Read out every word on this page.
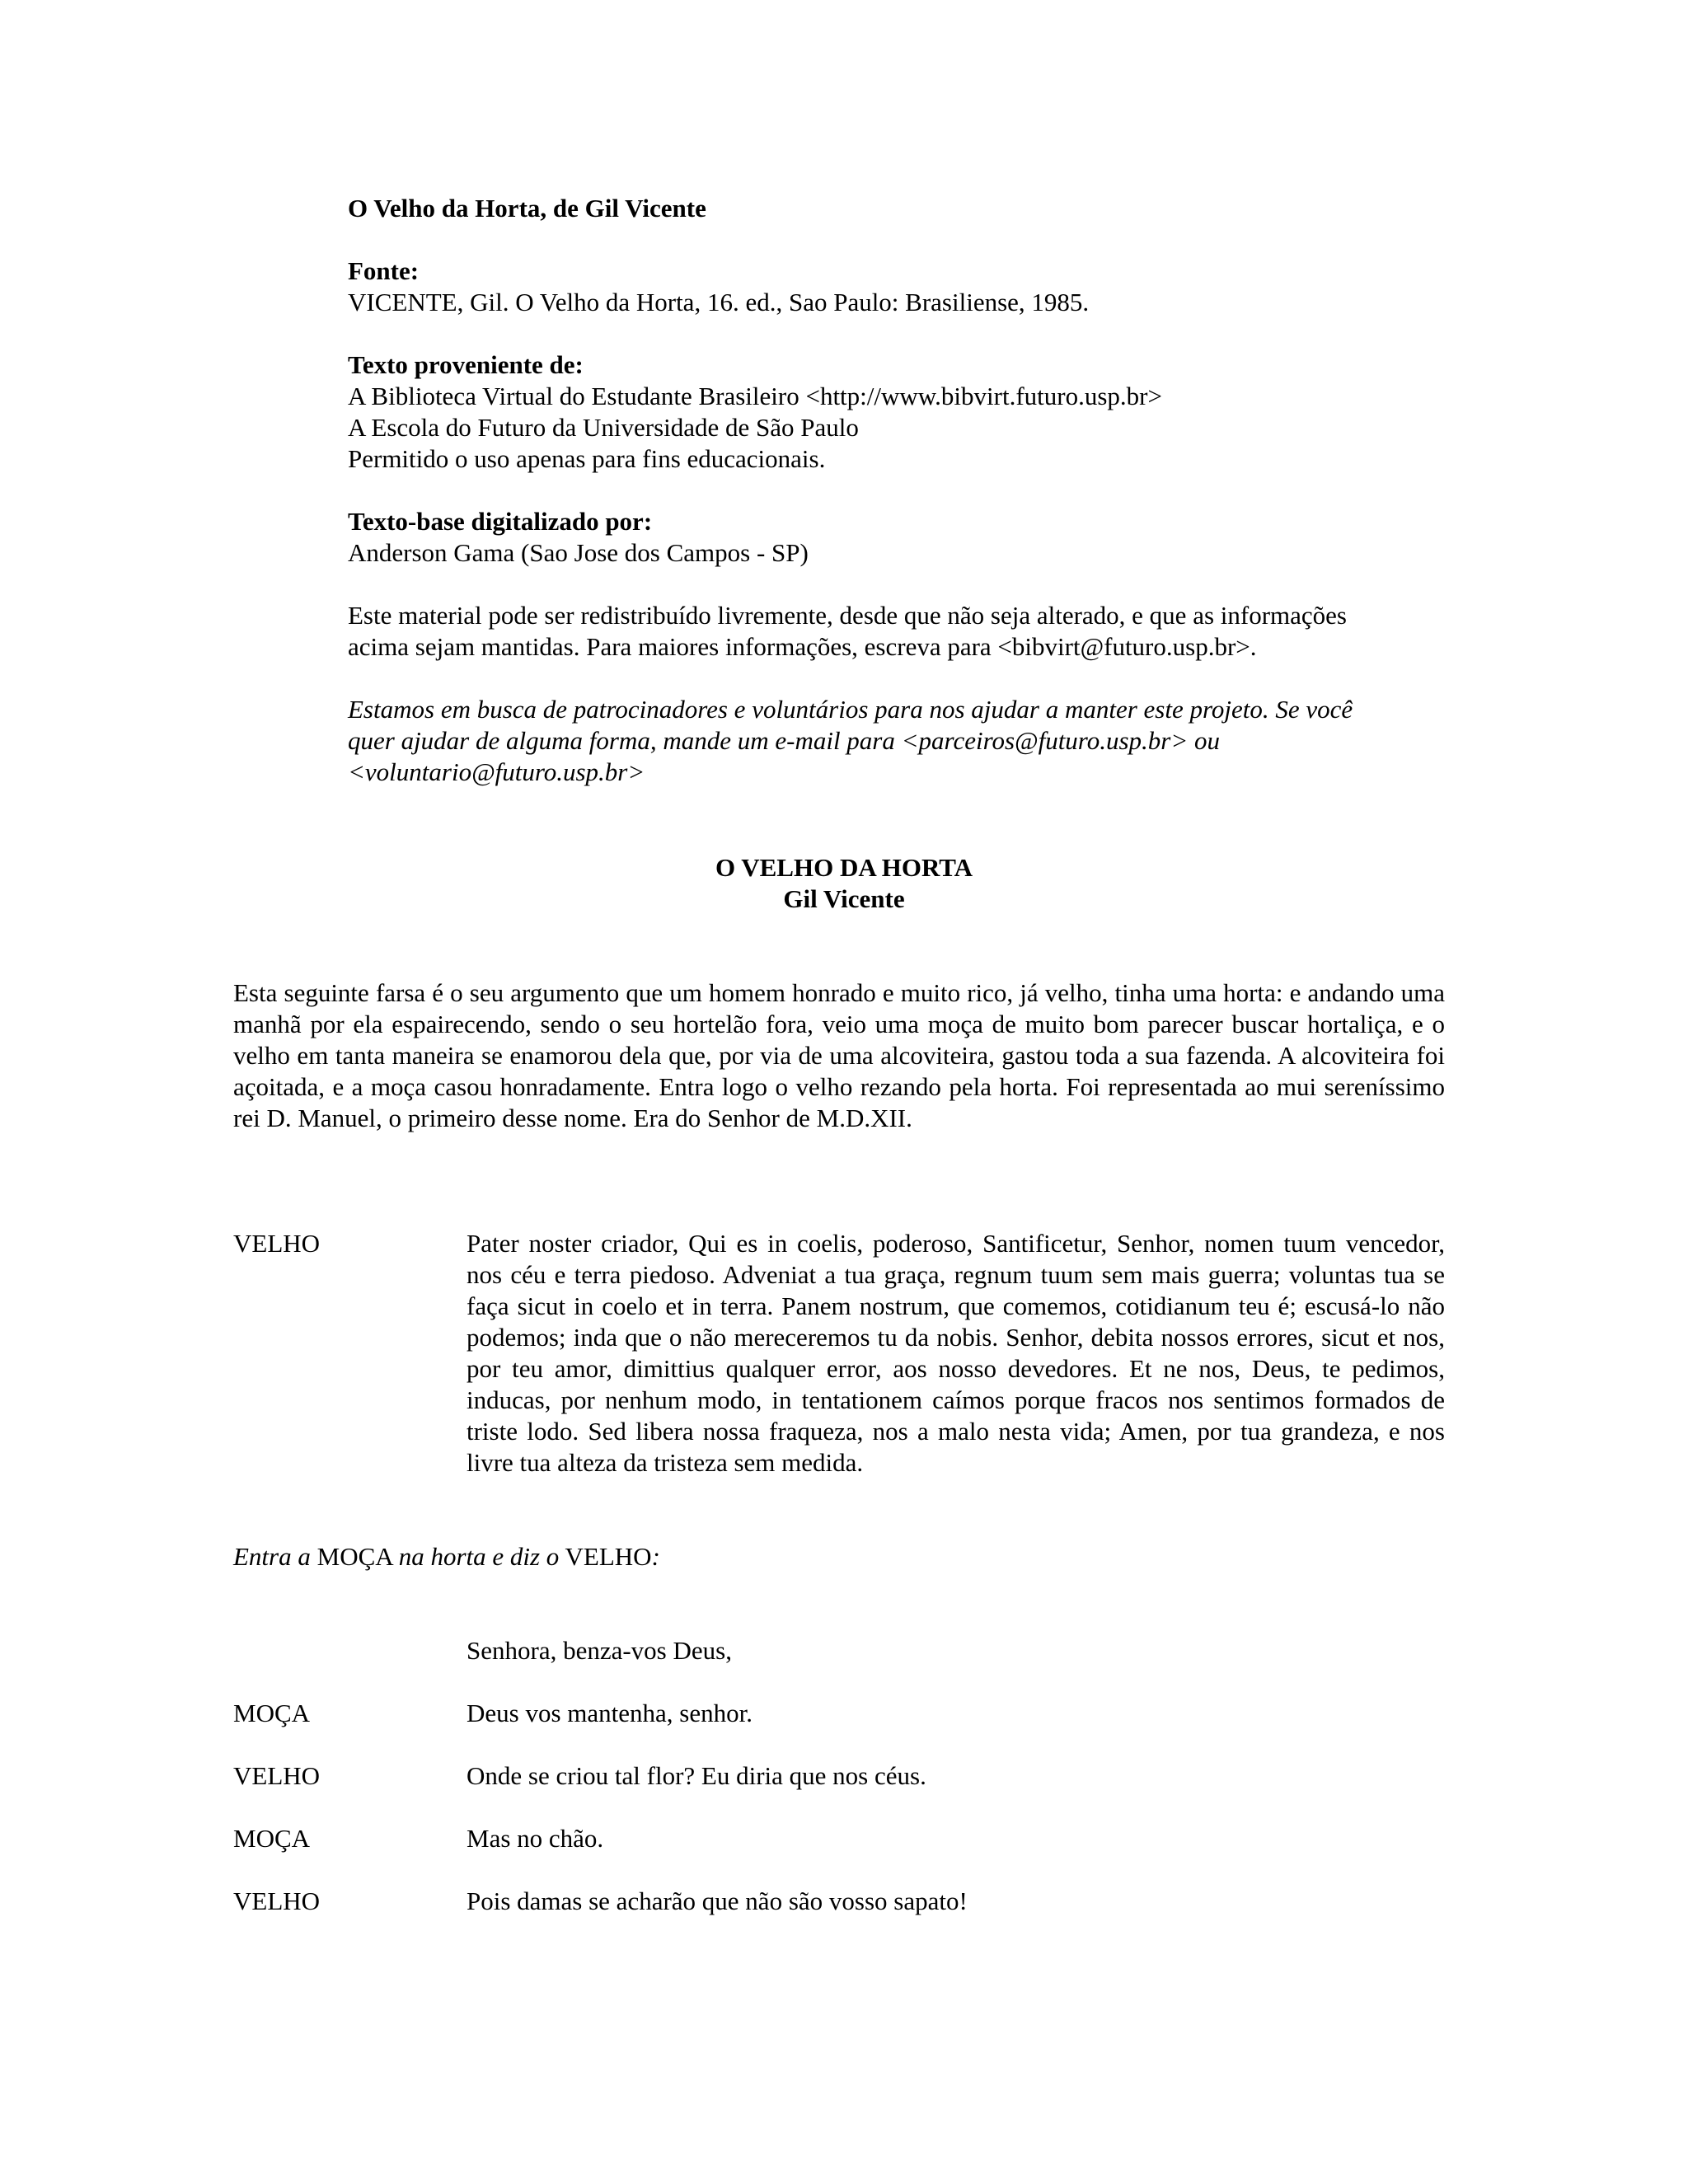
O Velho da Horta, de Gil Vicente
Fonte:
VICENTE, Gil. O Velho da Horta, 16. ed., Sao Paulo: Brasiliense, 1985.
Texto proveniente de:
A Biblioteca Virtual do Estudante Brasileiro <http://www.bibvirt.futuro.usp.br>
A Escola do Futuro da Universidade de São Paulo
Permitido o uso apenas para fins educacionais.
Texto-base digitalizado por:
Anderson Gama (Sao Jose dos Campos - SP)
Este material pode ser redistribuído livremente, desde que não seja alterado, e que as informações
acima sejam mantidas. Para maiores informações, escreva para <bibvirt@futuro.usp.br>.
Estamos em busca de patrocinadores e voluntários para nos ajudar a manter este projeto. Se você
quer ajudar de alguma forma, mande um e-mail para <parceiros@futuro.usp.br> ou
<voluntario@futuro.usp.br>
O VELHO DA HORTA
Gil Vicente
Esta seguinte farsa é o seu argumento que um homem honrado e muito rico, já velho, tinha uma horta: e andando uma manhã por ela espairecendo, sendo o seu hortelão fora, veio uma moça de muito bom parecer buscar hortaliça, e o velho em tanta maneira se enamorou dela que, por via de uma alcoviteira, gastou toda a sua fazenda. A alcoviteira foi açoitada, e a moça casou honradamente. Entra logo o velho rezando pela horta. Foi representada ao mui sereníssimo rei D. Manuel, o primeiro desse nome. Era do Senhor de M.D.XII.
VELHO	Pater noster criador, Qui es in coelis, poderoso, Santificetur, Senhor, nomen tuum vencedor, nos céu e terra piedoso. Adveniat a tua graça, regnum tuum sem mais guerra; voluntas tua se faça sicut in coelo et in terra. Panem nostrum, que comemos, cotidianum teu é; escusá-lo não podemos; inda que o não mereceremos tu da nobis. Senhor, debita nossos errores, sicut et nos, por teu amor, dimittius qualquer error, aos nosso devedores. Et ne nos, Deus, te pedimos, inducas, por nenhum modo, in tentationem caímos porque fracos nos sentimos formados de triste lodo. Sed libera nossa fraqueza, nos a malo nesta vida; Amen, por tua grandeza, e nos livre tua alteza da tristeza sem medida.
Entra a MOÇA na horta e diz o VELHO:
Senhora, benza-vos Deus,
MOÇA	Deus vos mantenha, senhor.
VELHO	Onde se criou tal flor? Eu diria que nos céus.
MOÇA	Mas no chão.
VELHO	Pois damas se acharão que não são vosso sapato!
